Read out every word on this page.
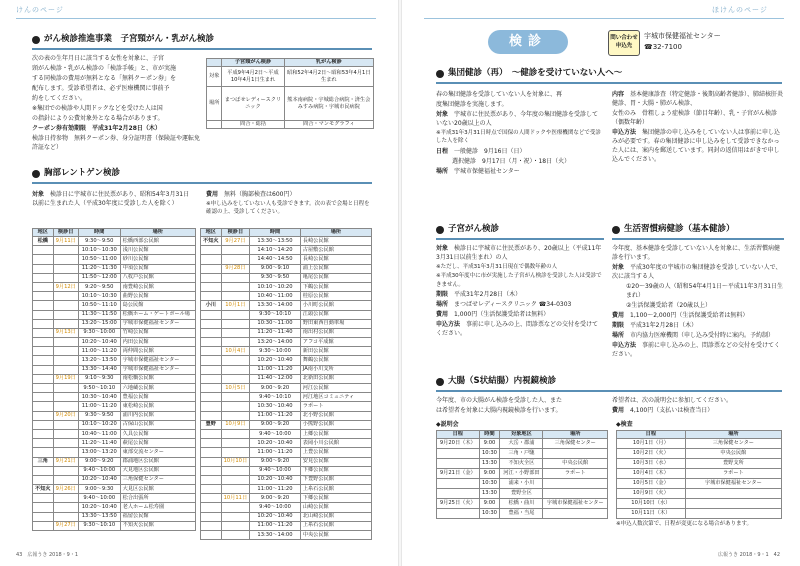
けんのページ
がん検診推進事業　子宮頸がん・乳がん検診

次の表の生年月日に該当する女性を対象に、子宮

頸がん検診・乳がん検診の「検診手帳」と、市が実施

する同検診の費用が無料となる「無料クーポン券」を

配布します。受診希望者は、必ず医療機関に事前予

約をしてください。

※集団での検診や人間ドックなどを受けた人は国

の指針により公費対象外となる場合があります。

クーポン券有効期限　平成31年2月28日（木）

検診日持参物　無料クーポン券、身分証明書（保険証や運転免許証など）

	子宮頸がん検診	乳がん検診
対象	平成9年4月2日〜平成10年4月1日生まれ	昭和52年4月2日〜昭和53年4月1日生まれ
場所	まつばせレディースクリニック	熊本南病院・宇城総合病院・済生会みすみ病院・宇城市民病院
	問合・総括　	問合・マンモグラフィ
胸部レントゲン検診

対象　 検診日に宇城市に住民票があり、昭和54年3月31日以前に生まれた人（平成30年度に受診した人を除く）

費用　 無料（胸部検査は600円）

※申し込みをしていない人も受診できます。次の表で会場と日程を確認の上、受診してください。

地区	検診日	時間	場所
松橋	9月11日	9:30〜9:50	松橋西部公民館
		10:10〜10:30	浅川公民館
		10:50〜11:00	砂川公民館
		11:20〜11:30	中須公民館
		11:50〜12:00	八枚戸公民館
	9月12日	9:20〜9:50	南豊崎公民館
		10:10〜10:30	曲野公民館
		10:50〜11:10	島公民館
		11:30〜11:50	松橋ホーム・ゲートボール場
		13:20〜15:00	宇城市保健福祉センター
	9月13日	9:30〜10:00	竹崎公民館
		10:20〜10:40	内田公民館
		11:00〜11:20	両仲間公民館
		13:20〜13:50	宇城市保健福祉センター
		13:30〜14:40	宇城市保健福祉センター
	9月19日	9:10〜9:30	南松橋公民館
		9:50〜10:10	六地蔵公民館
		10:30〜10:40	豊福公民館
		11:00〜11:20	東松崎公民館
	9月20日	9:30〜9:50	浦川内公民館
		10:10〜10:20	古保山公民館
		10:40〜11:00	久具公民館
		11:20〜11:40	萩尾公民館
		13:00〜13:20	東部交流センター
三角	9月21日	9:00〜9:20	郡浦地区公民館
		9:40〜10:00	大見地区公民館
		10:20〜10:40	三角保健センター
不知火	9月26日	9:00〜9:30	大見区公民館
		9:40〜10:00	松合出張所
		10:20〜10:40	老人ホーム松寿園
		13:30〜13:50	福留公民館
	9月27日	9:30〜10:10	不知火公民館
地区	検診日	時間	場所
不知火	9月27日	13:30〜13:50	長崎公民館
		14:10〜14:20	古屋敷公民館
		14:40〜14:50	長崎公民館
	9月28日	9:00〜9:10	浦上公民館
		9:30〜9:50	亀尾公民館
		10:10〜10:20	下鶴公民館
		10:40〜11:00	桂原公民館
小川	10月1日	13:30〜14:00	小川町公民館
		9:30〜10:10	江頭公民館
		10:30〜11:00	野田東西自動車場
		11:20〜11:40	南出村公民館
		13:20〜14:00	アフコ平成館
	10月4日	9:30〜10:00	新田公民館
		10:20〜10:40	舞鶴公民館
		11:00〜11:20	JA南小川支所
		11:40〜12:00	北新田公民館
	10月5日	9:00〜9:20	河江公民館
		9:40〜10:10	河江地区コミュニティ
		10:30〜10:40	ラポート
		11:00〜11:20	北小野公民館
豊野	10月9日	9:00〜9:20	小熊野公民館
		9:40〜10:00	上郷公民館
		10:20〜10:40	表岡小川公民館
		11:00〜11:20	上豊公民館
	10月10日	9:00〜9:20	安見公民館
		9:40〜10:00	下郷公民館
		10:20〜10:40	下豊野公民館
		11:00〜11:20	上糸石公民館
	10月11日	9:00〜9:20	下郷公民館
		9:40〜10:00	山崎公民館
		10:20〜10:40	北山崎公民館
		11:00〜11:20	上糸石公民館
		13:30〜14:00	中央公民館
43　広報うき 2018・9・1
ほけんのページ
検診	問い合わせ申込先
宇城市保健福祉センター
☎32-7100
集団健診（再）　〜健診を受けていない人へ〜

春の集団健診を受診していない人を対象に、再

度集団健診を実施します。

対象　 宇城市に住民票があり、今年度の集団健診を受診していない20歳以上の人

※平成31年3月31日時点で国保の人間ドックや医療機関などで受診した人を除く

日程　 一般健診　9月16日（日）

選択健診　9月17日（月・祝）・18日（火）

場所　 宇城市保健福祉センター

内容　 基本健康診査（特定健診・後期高齢者健診）、肺結核肝炎健診、胃・大腸・肺がん検診、

女性のみ　骨粗しょう症検診（節目年齢）、乳・子宮がん検診（偶数年齢）

申込方法　 集団健診の申し込みをしていない人は事前に申し込みが必要です。春の集団健診に申し込みをして受診できなかった人には、案内を郵送しています。同封の返信用はがきで申し込んでください。

子宮がん検診

対象　 検診日に宇城市に住民票があり、20歳以上（平成11年3月31日以前生まれ）の人

※ただし、平成31年3月31日現在で偶数年齢の人

※平成30年度中に市が実施した子宮がん検診を受診した人は受診できません。

期限　 平成31年2月28日（木）

場所　 まつばせレディースクリニック ☎34-0303

費用　 1,000円（生活保護受給者は無料）

申込方法　 事前に申し込みの上、問診票などの交付を受けてください。

生活習慣病健診（基本健診）

今年度、基本健診を受診していない人を対象に、生活習慣病健診を行います。

対象　 平成30年度の宇城市の集団健診を受診していない人で、次に該当する人

①20〜39歳の人（昭和54年4月1日〜平成11年3月31日生まれ）

②生活保護受給者（20歳以上）

費用　 1,100〜2,000円（生活保護受給者は無料）

期限　 平成31年2月28日（木）

場所　 市内協力医療機関（申し込み受付時に案内。予約制）

申込方法　 事前に申し込みの上、問診票などの交付を受けてください。

大腸（S状結腸）内視鏡検診

今年度、市の大腸がん検診を受診した人、また

は希望者を対象に大腸内視鏡検診を行います。

希望者は、次の説明会に参加してください。

費用　 4,100円（支払いは検査当日）

◆説明会
日程	時間	対象地区	場所
9月20日（木）	9:00	大岳・郡浦	三角保健センター
	10:30	三角・戸馳	
	13:30	不知火全区	中央公民館
9月21日（金）	9:00	河江・小野部田	ラポート
	10:30	浦来・小川	
	13:30	豊野全区	
9月25日（火）	9:00	松橋・曲川	宇城市保健福祉センター
	10:30	豊福・当尾	
◆検査
日程	場所
10月1日（月）	三角保健センター
10月2日（火）	中央公民館
10月3日（水）	豊野支所
10月4日（木）	ラポート
10月5日（金）	宇城市保健福祉センター
10月9日（火）	
10月10日（水）	
10月11日（木）	
※申込人数次第で、日程が変更になる場合があります。
広報うき 2018・9・1　42
